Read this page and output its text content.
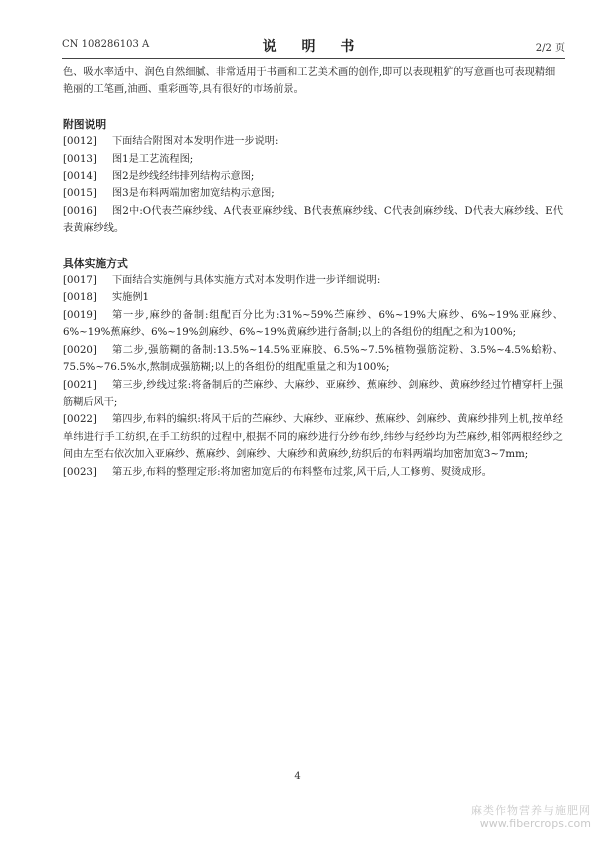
CN 108286103 A	说 明 书	2/2 页

色、吸水率适中、润色自然细腻、非常适用于书画和工艺美术画的创作,即可以表现粗犷的写意画也可表现精细艳丽的工笔画,油画、重彩画等,具有很好的市场前景。

附图说明
[0012]	下面结合附图对本发明作进一步说明:
[0013]	图1是工艺流程图;
[0014]	图2是纱线经纬排列结构示意图;
[0015]	图3是布料两端加密加宽结构示意图;
[0016]	图2中:O代表苎麻纱线、A代表亚麻纱线、B代表蕉麻纱线、C代表剑麻纱线、D代表大麻纱线、E代表黄麻纱线。
具体实施方式
[0017]	下面结合实施例与具体实施方式对本发明作进一步详细说明:
[0018]	实施例1
[0019]	第一步,麻纱的备制:组配百分比为:31%~59%苎麻纱、6%~19%大麻纱、6%~19%亚麻纱、6%~19%蕉麻纱、6%~19%剑麻纱、6%~19%黄麻纱进行备制;以上的各组份的组配之和为100%;
[0020]	第二步,强筋糊的备制:13.5%~14.5%亚麻胶、6.5%~7.5%植物强筋淀粉、3.5%~4.5%蛤粉、75.5%~76.5%水,熬制成强筋糊;以上的各组份的组配重量之和为100%;
[0021]	第三步,纱线过浆:将备制后的苎麻纱、大麻纱、亚麻纱、蕉麻纱、剑麻纱、黄麻纱经过竹槽穿杆上强筋糊后风干;
[0022]	第四步,布料的编织:将风干后的苎麻纱、大麻纱、亚麻纱、蕉麻纱、剑麻纱、黄麻纱排列上机,按单经单纬进行手工纺织,在手工纺织的过程中,根据不同的麻纱进行分纱布纱,纬纱与经纱均为苎麻纱,相邻两根经纱之间由左至右依次加入亚麻纱、蕉麻纱、剑麻纱、大麻纱和黄麻纱,纺织后的布料两端均加密加宽3~7mm;
[0023]	第五步,布料的整理定形:将加密加宽后的布料整布过浆,风干后,人工修剪、熨烫成形。
4
麻类作物营养与施肥网
www.fibercrops.com
